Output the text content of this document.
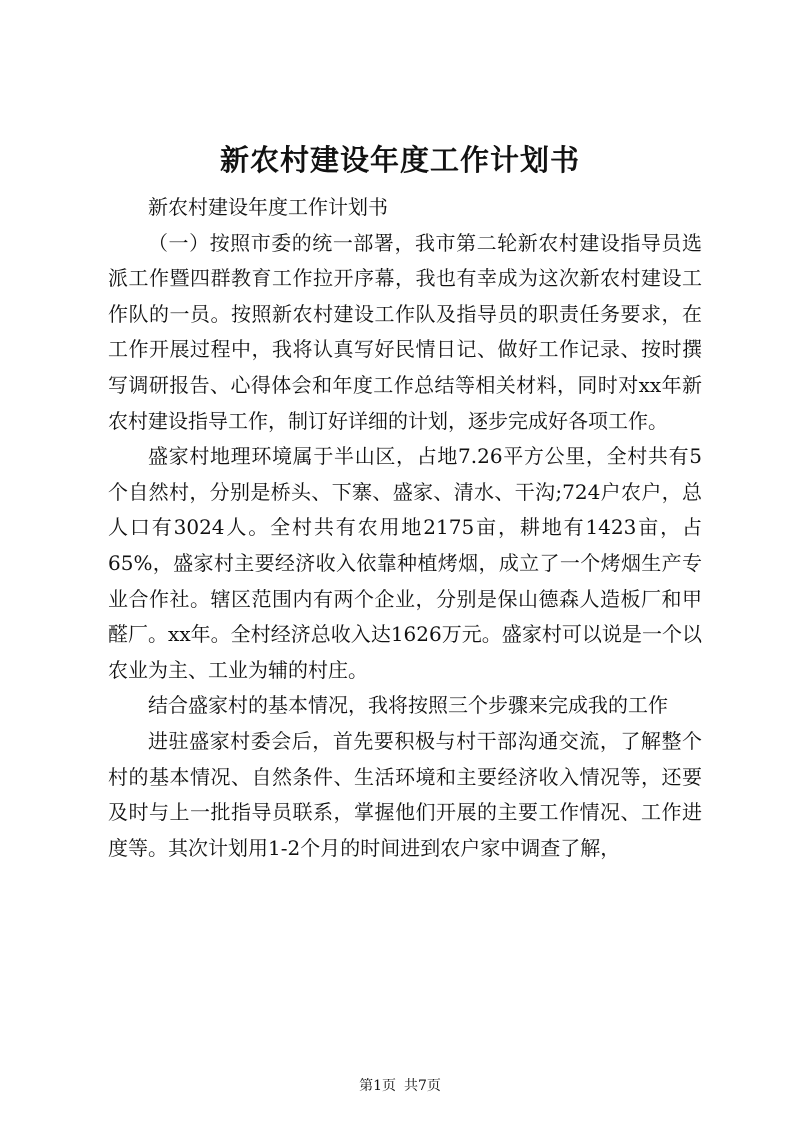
新农村建设年度工作计划书

新农村建设年度工作计划书

（一）按照市委的统一部署，我市第二轮新农村建设指导员选派工作暨四群教育工作拉开序幕，我也有幸成为这次新农村建设工作队的一员。按照新农村建设工作队及指导员的职责任务要求，在工作开展过程中，我将认真写好民情日记、做好工作记录、按时撰写调研报告、心得体会和年度工作总结等相关材料，同时对xx年新农村建设指导工作，制订好详细的计划，逐步完成好各项工作。

盛家村地理环境属于半山区，占地7.26平方公里，全村共有5个自然村，分别是桥头、下寨、盛家、清水、干沟;724户农户，总人口有3024人。全村共有农用地2175亩，耕地有1423亩，占65%，盛家村主要经济收入依靠种植烤烟，成立了一个烤烟生产专业合作社。辖区范围内有两个企业，分别是保山德森人造板厂和甲醛厂。xx年。全村经济总收入达1626万元。盛家村可以说是一个以农业为主、工业为辅的村庄。

结合盛家村的基本情况，我将按照三个步骤来完成我的工作

进驻盛家村委会后，首先要积极与村干部沟通交流，了解整个村的基本情况、自然条件、生活环境和主要经济收入情况等，还要及时与上一批指导员联系，掌握他们开展的主要工作情况、工作进度等。其次计划用1-2个月的时间进到农户家中调查了解，

第1页 共7页
